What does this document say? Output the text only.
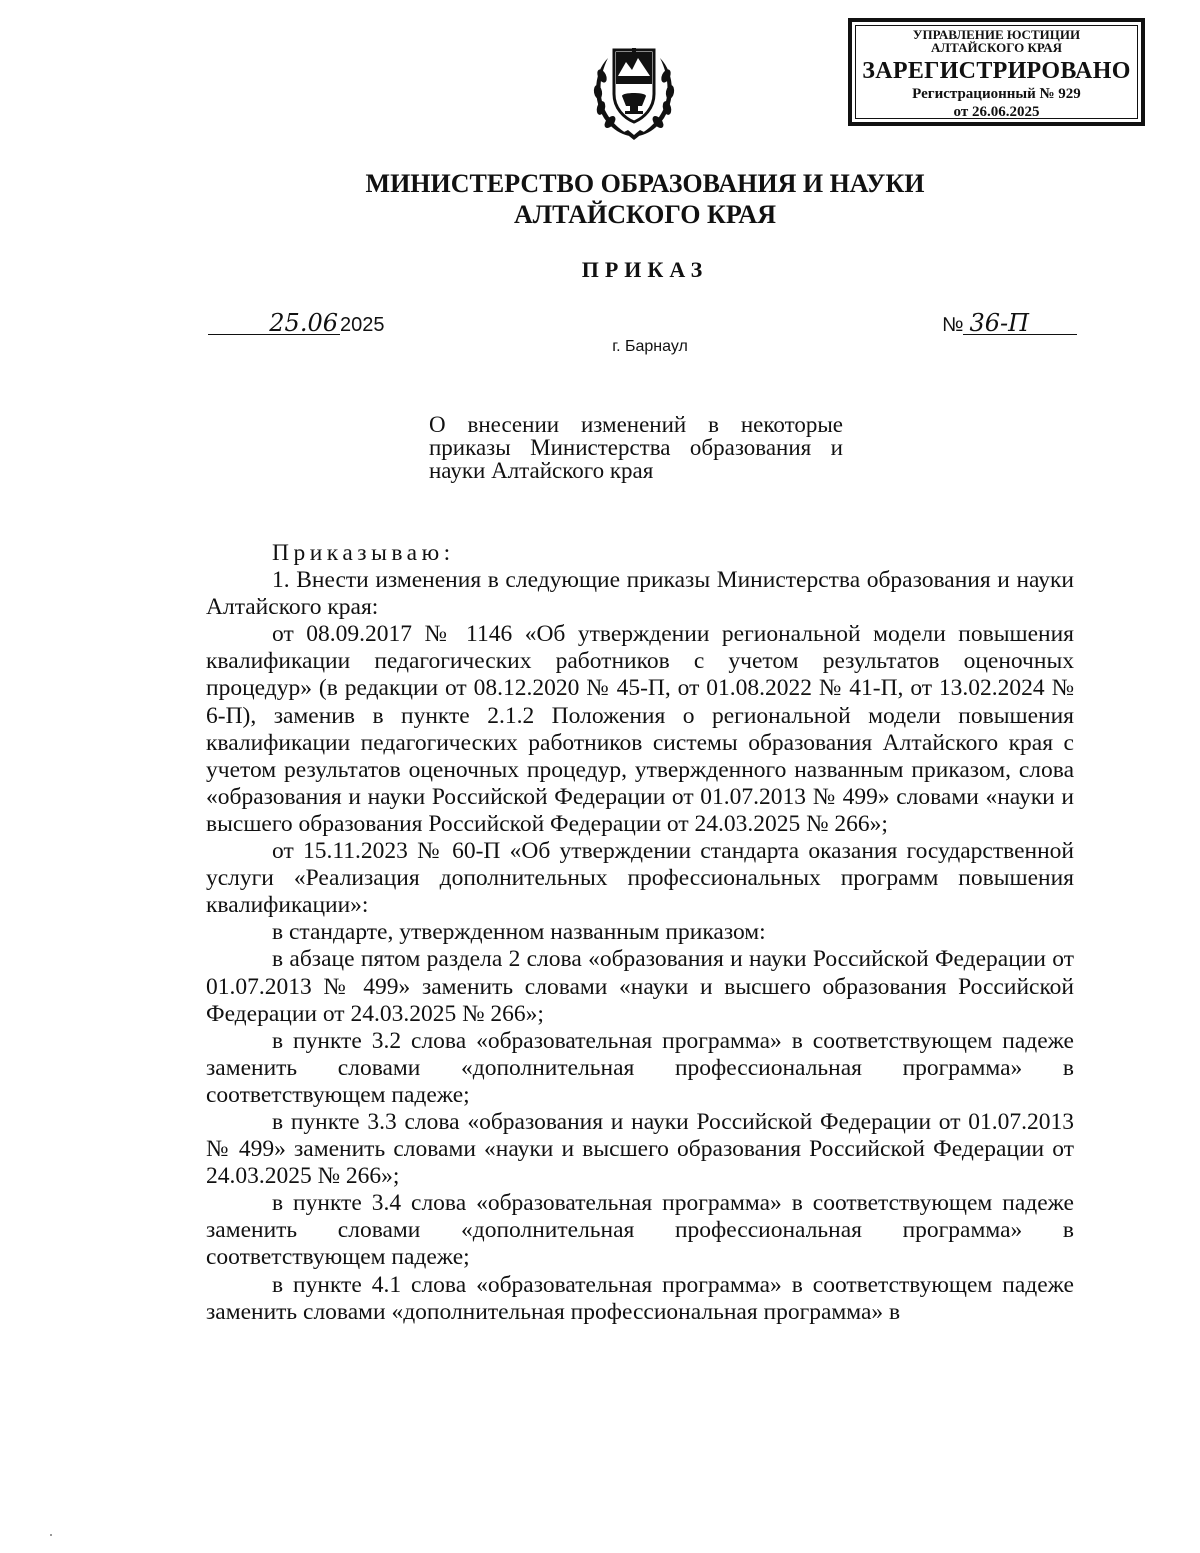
УПРАВЛЕНИЕ ЮСТИЦИИ
АЛТАЙСКОГО КРАЯ
ЗАРЕГИСТРИРОВАНО
Регистрационный № 929
от 26.06.2025
МИНИСТЕРСТВО ОБРАЗОВАНИЯ И НАУКИ
АЛТАЙСКОГО КРАЯ
ПРИКАЗ
25.06 2025	№ 36-П
г. Барнаул
О внесении изменений в некоторые
приказы Министерства образования и
науки Алтайского края

Приказываю:

1. Внести изменения в следующие приказы Министерства образования и науки Алтайского края:

от 08.09.2017 № 1146 «Об утверждении региональной модели повышения квалификации педагогических работников с учетом результатов оценочных процедур» (в редакции от 08.12.2020 № 45-П, от 01.08.2022 № 41-П, от 13.02.2024 № 6-П), заменив в пункте 2.1.2 Положения о региональной модели повышения квалификации педагогических работников системы образования Алтайского края с учетом результатов оценочных процедур, утвержденного названным приказом, слова «образования и науки Российской Федерации от 01.07.2013 № 499» словами «науки и высшего образования Российской Федерации от 24.03.2025 № 266»;

от 15.11.2023 № 60-П «Об утверждении стандарта оказания государственной услуги «Реализация дополнительных профессиональных программ повышения квалификации»:

в стандарте, утвержденном названным приказом:

в абзаце пятом раздела 2 слова «образования и науки Российской Федерации от 01.07.2013 № 499» заменить словами «науки и высшего образования Российской Федерации от 24.03.2025 № 266»;

в пункте 3.2 слова «образовательная программа» в соответствующем падеже заменить словами «дополнительная профессиональная программа» в соответствующем падеже;

в пункте 3.3 слова «образования и науки Российской Федерации от 01.07.2013 № 499» заменить словами «науки и высшего образования Российской Федерации от 24.03.2025 № 266»;

в пункте 3.4 слова «образовательная программа» в соответствующем падеже заменить словами «дополнительная профессиональная программа» в соответствующем падеже;

в пункте 4.1 слова «образовательная программа» в соответствующем падеже заменить словами «дополнительная профессиональная программа» в
